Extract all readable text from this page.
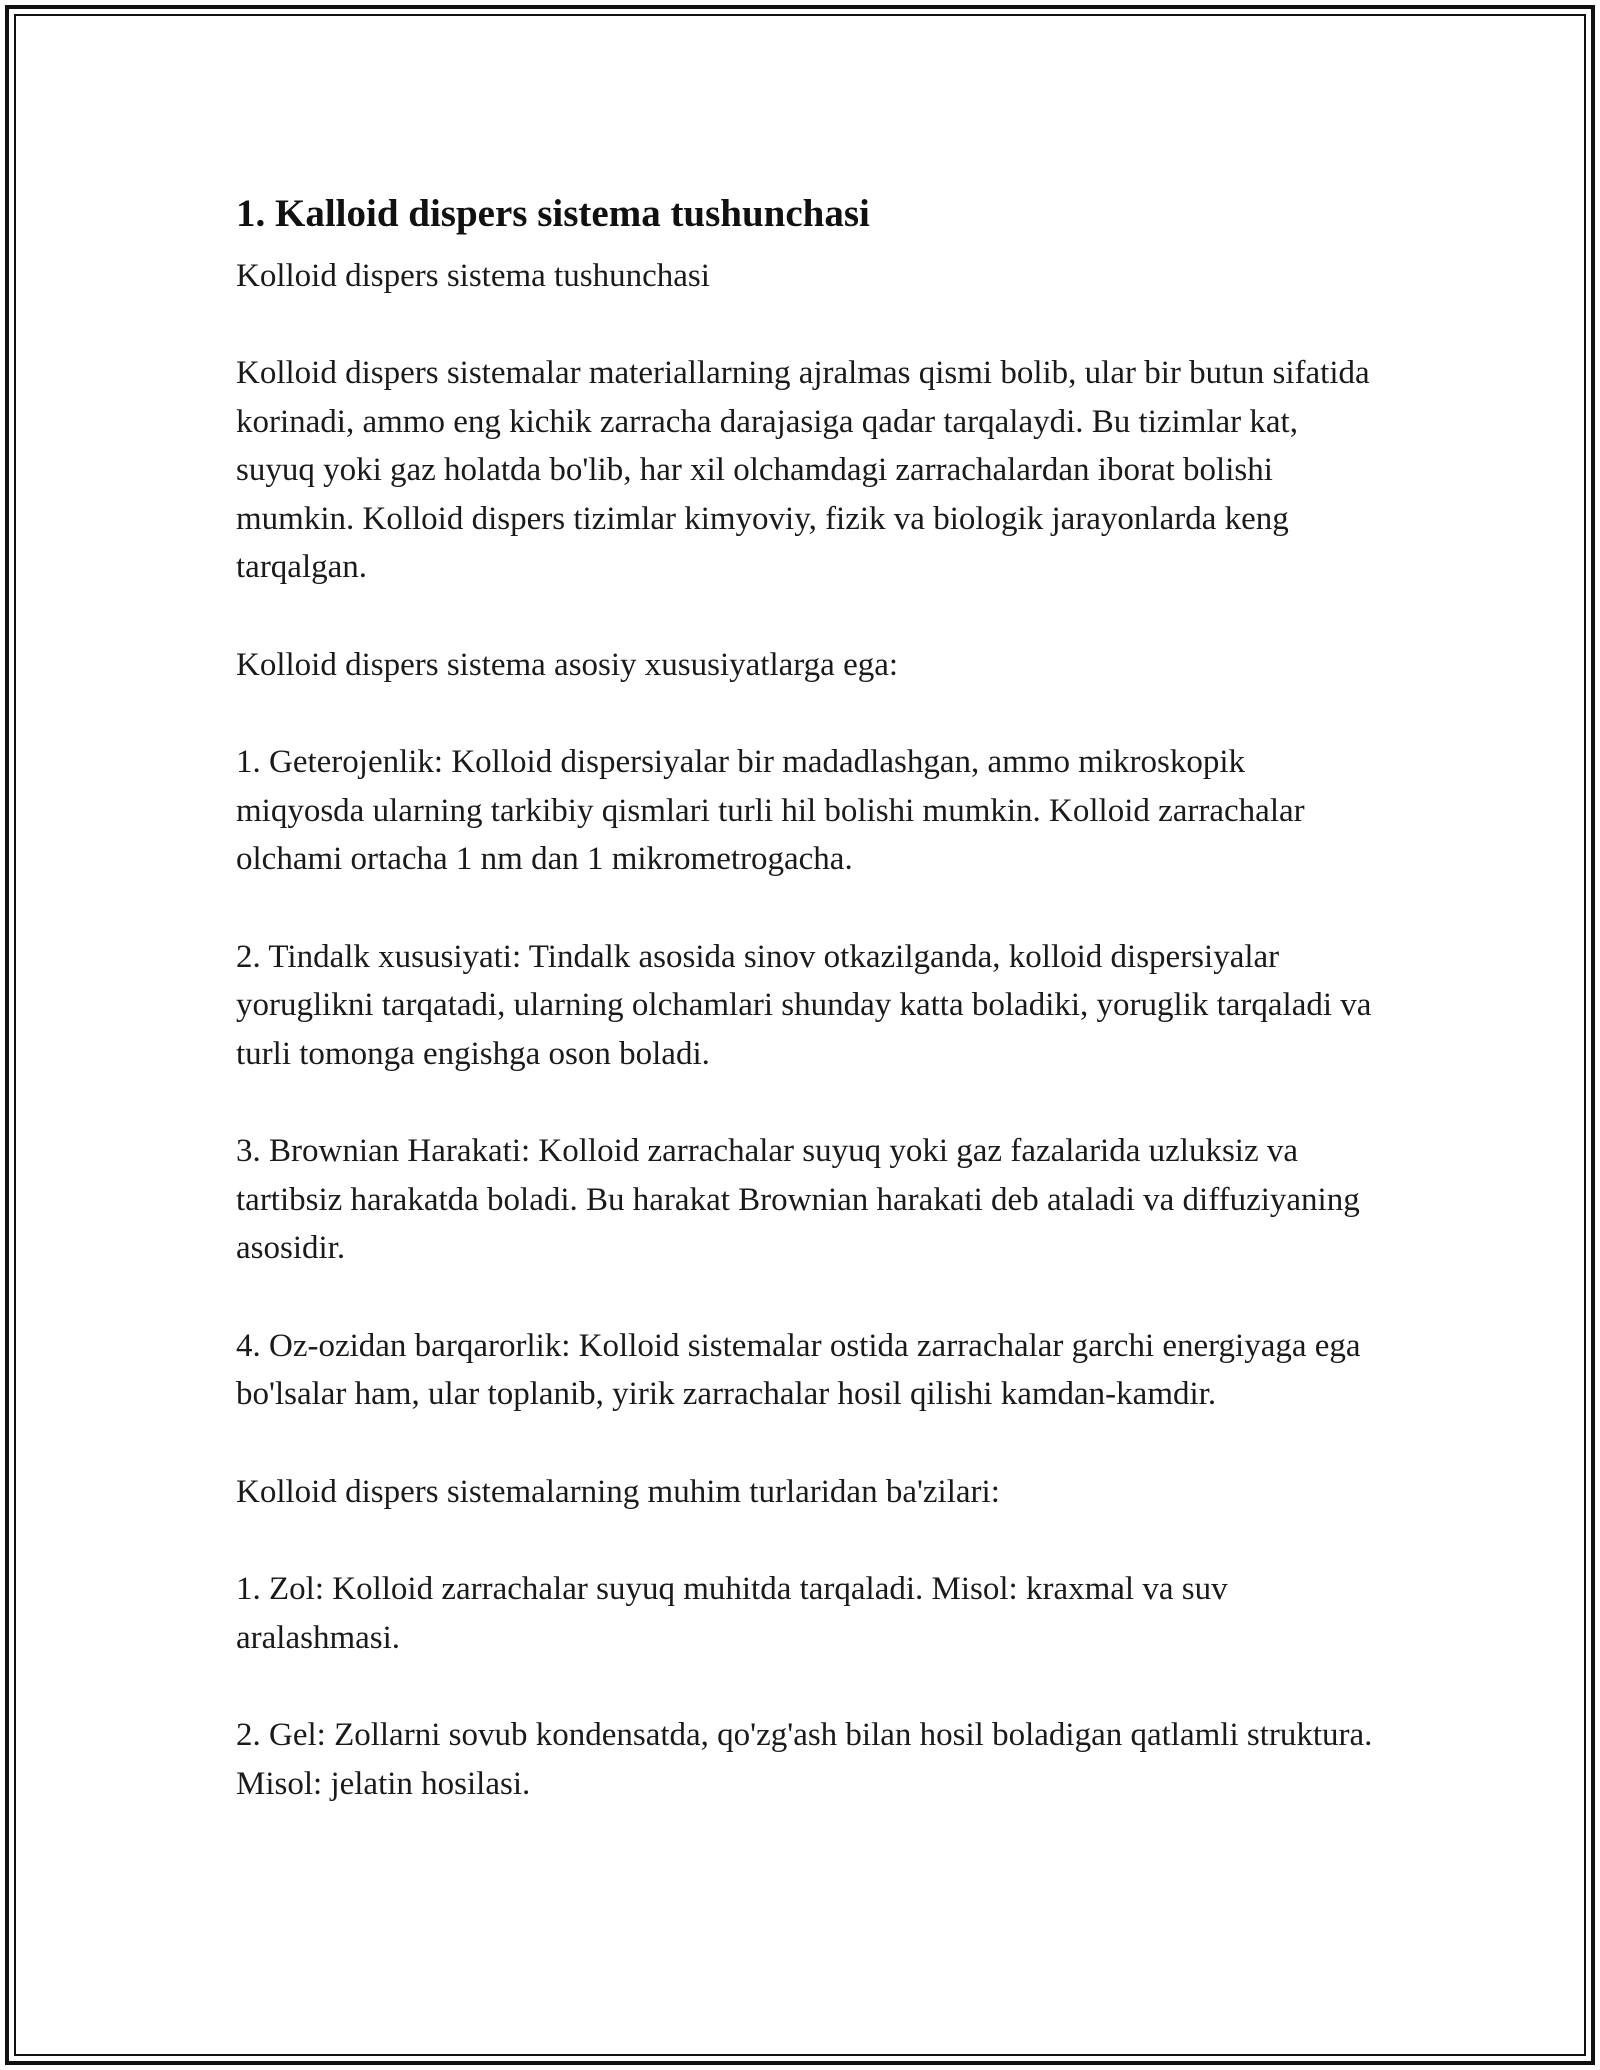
1. Kalloid dispers sistema tushunchasi

Kolloid dispers sistema tushunchasi

Kolloid dispers sistemalar materiallarning ajralmas qismi bolib, ular bir butun sifatida korinadi, ammo eng kichik zarracha darajasiga qadar tarqalaydi. Bu tizimlar kat, suyuq yoki gaz holatda bo'lib, har xil olchamdagi zarrachalardan iborat bolishi mumkin. Kolloid dispers tizimlar kimyoviy, fizik va biologik jarayonlarda keng tarqalgan.

Kolloid dispers sistema asosiy xususiyatlarga ega:

1. Geterojenlik: Kolloid dispersiyalar bir madadlashgan, ammo mikroskopik miqyosda ularning tarkibiy qismlari turli hil bolishi mumkin. Kolloid zarrachalar olchami ortacha 1 nm dan 1 mikrometrogacha.

2. Tindalk xususiyati: Tindalk asosida sinov otkazilganda, kolloid dispersiyalar yoruglikni tarqatadi, ularning olchamlari shunday katta boladiki, yoruglik tarqaladi va turli tomonga engishga oson boladi.

3. Brownian Harakati: Kolloid zarrachalar suyuq yoki gaz fazalarida uzluksiz va tartibsiz harakatda boladi. Bu harakat Brownian harakati deb ataladi va diffuziyaning asosidir.

4. Oz-ozidan barqarorlik: Kolloid sistemalar ostida zarrachalar garchi energiyaga ega bo'lsalar ham, ular toplanib, yirik zarrachalar hosil qilishi kamdan-kamdir.

Kolloid dispers sistemalarning muhim turlaridan ba'zilari:

1. Zol: Kolloid zarrachalar suyuq muhitda tarqaladi. Misol: kraxmal va suv aralashmasi.

2. Gel: Zollarni sovub kondensatda, qo'zg'ash bilan hosil boladigan qatlamli struktura. Misol: jelatin hosilasi.
